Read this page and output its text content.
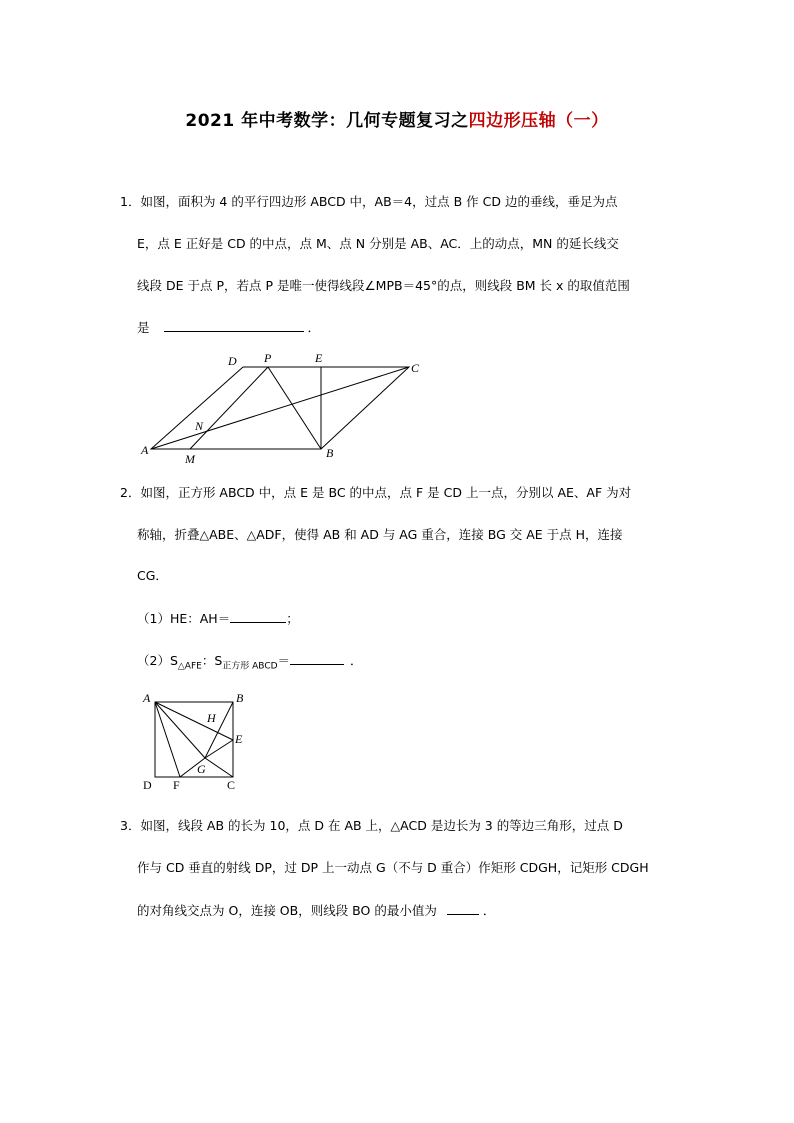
2021 年中考数学：几何专题复习之四边形压轴（一）
1．如图，面积为 4 的平行四边形 ABCD 中，AB＝4，过点 B 作 CD 边的垂线，垂足为点
E，点 E 正好是 CD 的中点，点 M、点 N 分别是 AB、AC．上的动点，MN 的延长线交
线段 DE 于点 P，若点 P 是唯一使得线段∠MPB＝45°的点，则线段 BM 长 x 的取值范围
是	．
D P	E
C
N
A
M	B
A	B
H
E
G
D F	C
2．如图，正方形 ABCD 中，点 E 是 BC 的中点，点 F 是 CD 上一点，分别以 AE、AF 为对
称轴，折叠△ABE、△ADF，使得 AB 和 AD 与 AG 重合，连接 BG 交 AE 于点 H，连接
CG．
（1）HE：AH＝	；
$(2)S_{\triangle AFE}$：$S_{正方形 ABCD}=$	．
3．如图，线段 AB 的长为 10，点 D 在 AB 上，△ACD 是边长为 3 的等边三角形，过点 D
作与 CD 垂直的射线 DP，过 DP 上一动点 G（不与 D 重合）作矩形 CDGH，记矩形 CDGH
的对角线交点为 O，连接 OB，则线段 BO 的最小值为	．
